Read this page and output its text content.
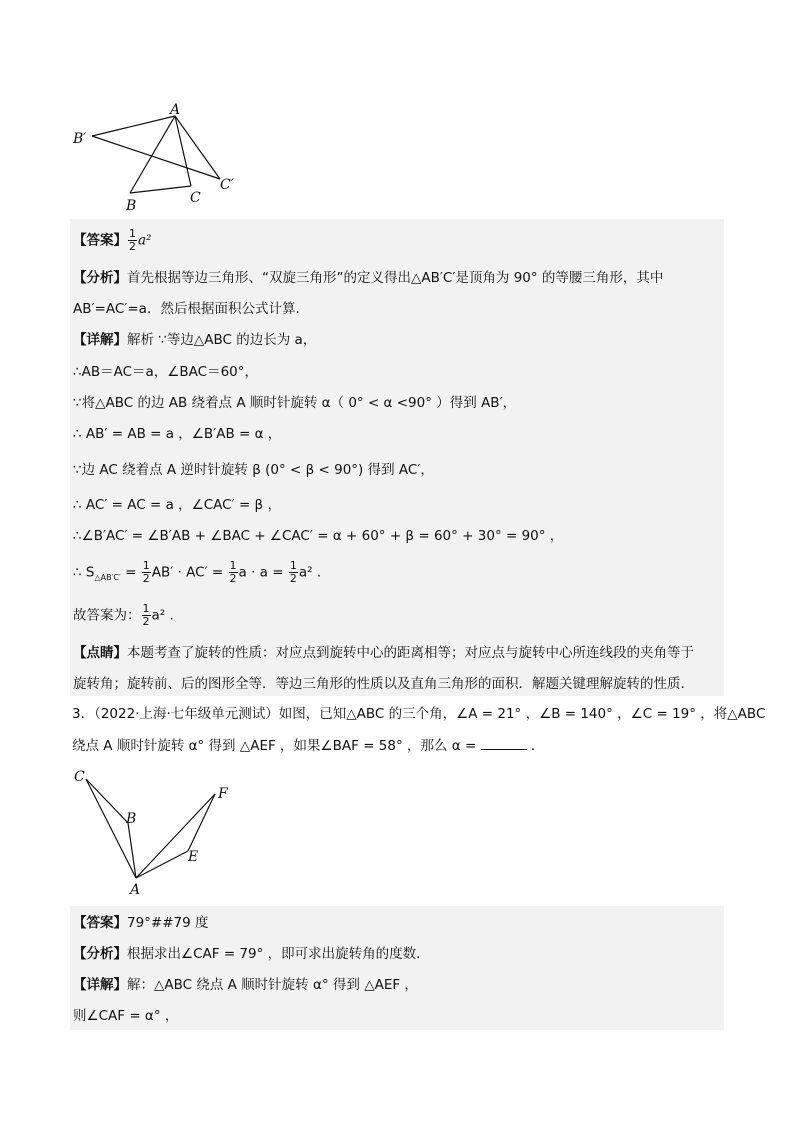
A
B′
B	C
C′
【答案】 $\frac{1}{2} a^2$
【分析】首先根据等边三角形、“双旋三角形”的定义得出△AB′C′是顶角为 90° 的等腰三角形，其中
AB′=AC′=a．然后根据面积公式计算．
【详解】解析 ∵等边△ABC 的边长为 a，
∴AB＝AC＝a，∠BAC＝60°，
∵将△ABC 的边 AB 绕着点 A 顺时针旋转 α（ 0° < α <90° ）得到 AB′，
∴ AB′ = AB = a ，∠B′AB = α ，
∵边 AC 绕着点 A 逆时针旋转 β (0° < β < 90°) 得到 AC′，
∴ AC′ = AC = a ，∠CAC′ = β ，
∴∠B′AC′ = ∠B′AB + ∠BAC + ∠CAC′ = α + 60° + β = 60° + 30° = 90° ，
∴ $S_{\triangle AB'C'} = \frac{1}{2} AB' \cdot AC' = \frac{1}{2}$ $a \cdot a = \frac{1}{2} a^2$ .
故答案为： $\frac{1}{2} a^2$ .
【点睛】本题考查了旋转的性质：对应点到旋转中心的距离相等；对应点与旋转中心所连线段的夹角等于
旋转角；旋转前、后的图形全等．等边三角形的性质以及直角三角形的面积．解题关键理解旋转的性质．
3．（2022·上海·七年级单元测试）如图，已知△ABC 的三个角，∠A = 21° ，∠B = 140° ，∠C = 19° ，将△ABC
绕点 A 顺时针旋转 α° 得到 △AEF ，如果∠BAF = 58° ，那么 α =	．
C
B
A
F
E
【答案】79°##79 度
【分析】根据求出∠CAF = 79° ，即可求出旋转角的度数．
【详解】解：△ABC 绕点 A 顺时针旋转 α° 得到 △AEF ，
则∠CAF = α° ，
